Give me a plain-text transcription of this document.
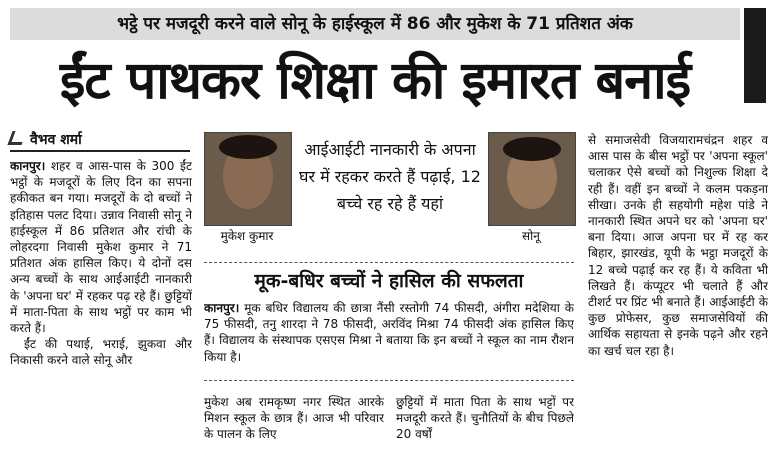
भट्ठे पर मजदूरी करने वाले सोनू के हाईस्कूल में 86 और मुकेश के 71 प्रतिशत अंक
ईंट पाथकर शिक्षा की इमारत बनाई
वैभव शर्मा

कानपुर। शहर व आस-पास के 300 ईंट भट्ठों के मजदूरों के लिए दिन का सपना हकीकत बन गया। मजदूरों के दो बच्चों ने इतिहास पलट दिया। उन्नाव निवासी सोनू ने हाईस्कूल में 86 प्रतिशत और रांची के लोहरदगा निवासी मुकेश कुमार ने 71 प्रतिशत अंक हासिल किए। ये दोनों दस अन्य बच्चों के साथ आईआईटी नानकारी के 'अपना घर' में रहकर पढ़ रहे हैं। छुट्टियों में माता-पिता के साथ भट्ठों पर काम भी करते हैं।

ईंट की पथाई, भराई, झुकवा और निकासी करने वाले सोनू और

मुकेश कुमार	सोनू
आईआईटी नानकारी के अपना घर में रहकर करते हैं पढ़ाई, 12 बच्चे रह रहे हैं यहां
मूक-बधिर बच्चों ने हासिल की सफलता

कानपुर। मूक बधिर विद्यालय की छात्रा नैंसी रस्तोगी 74 फीसदी, अंगीरा मदेशिया के 75 फीसदी, तनु शारदा ने 78 फीसदी, अरविंद मिश्रा 74 फीसदी अंक हासिल किए हैं। विद्यालय के संस्थापक एसएस मिश्रा ने बताया कि इन बच्चों ने स्कूल का नाम रौशन किया है।

मुकेश अब रामकृष्ण नगर स्थित आरके मिशन स्कूल के छात्र हैं। आज भी परिवार के पालन के लिए

छुट्टियों में माता पिता के साथ भट्टों पर मजदूरी करते हैं। चुनौतियों के बीच पिछले 20 वर्षों

से समाजसेवी विजयारामचंद्रन शहर व आस पास के बीस भट्ठों पर 'अपना स्कूल' चलाकर ऐसे बच्चों को निशुल्क शिक्षा दे रही हैं। वहीं इन बच्चों ने कलम पकड़ना सीखा। उनके ही सहयोगी महेश पांडे ने नानकारी स्थित अपने घर को 'अपना घर' बना दिया। आज अपना घर में रह कर बिहार, झारखंड, यूपी के भट्ठा मजदूरों के 12 बच्चे पढ़ाई कर रह हैं। ये कविता भी लिखते हैं। कंप्यूटर भी चलाते हैं और टीशर्ट पर प्रिंट भी बनाते हैं। आईआईटी के कुछ प्रोफेसर, कुछ समाजसेवियों की आर्थिक सहायता से इनके पढ़ने और रहने का खर्च चल रहा है।
